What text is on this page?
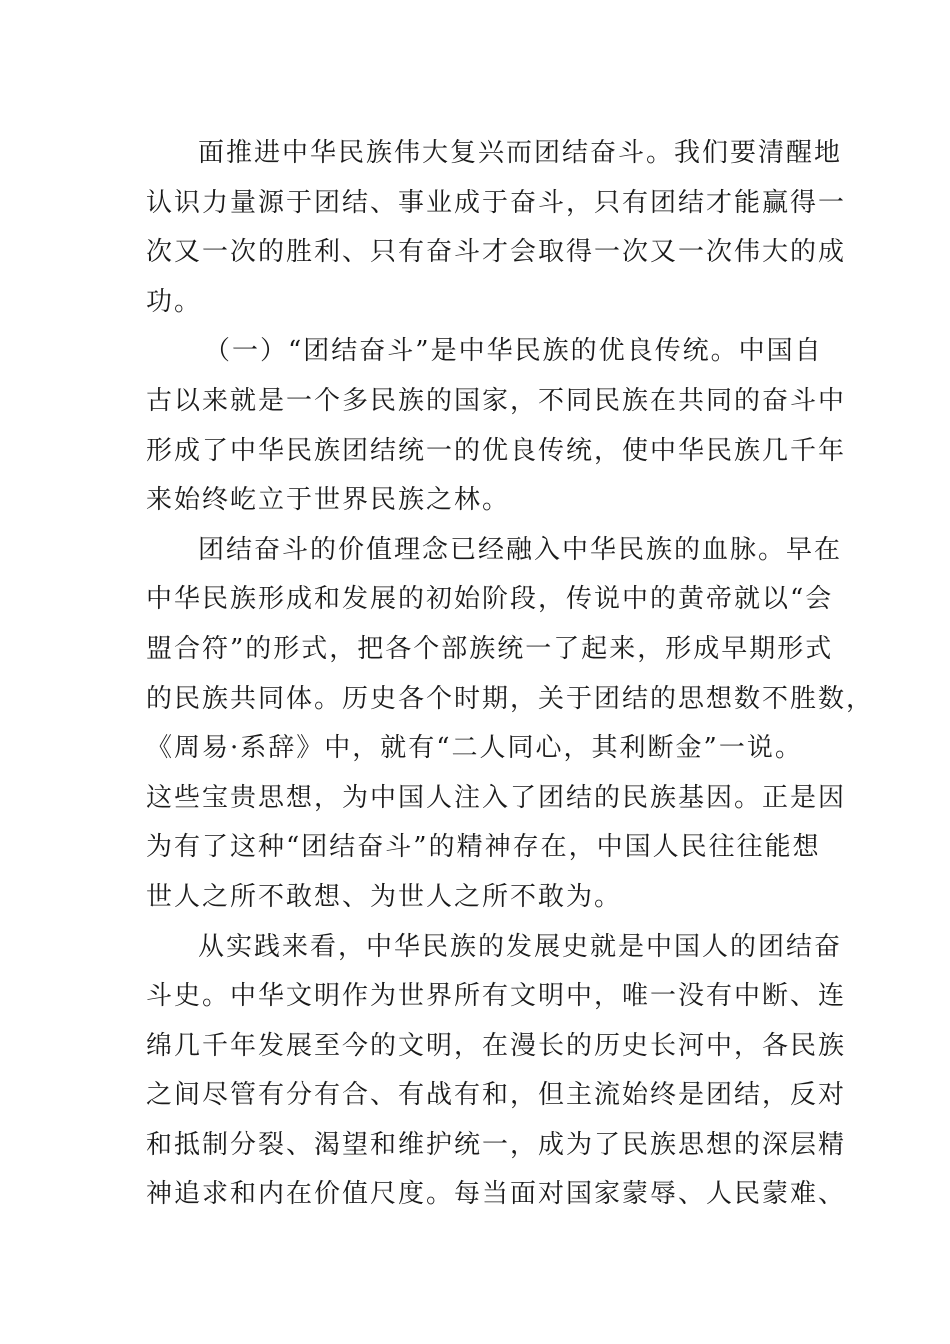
面推进中华民族伟大复兴而团结奋斗。我们要清醒地
认识力量源于团结、事业成于奋斗，只有团结才能赢得一
次又一次的胜利、只有奋斗才会取得一次又一次伟大的成
功。
（一）“团结奋斗”是中华民族的优良传统。中国自
古以来就是一个多民族的国家，不同民族在共同的奋斗中
形成了中华民族团结统一的优良传统，使中华民族几千年
来始终屹立于世界民族之林。
团结奋斗的价值理念已经融入中华民族的血脉。早在
中华民族形成和发展的初始阶段，传说中的黄帝就以“会
盟合符”的形式，把各个部族统一了起来，形成早期形式
的民族共同体。历史各个时期，关于团结的思想数不胜数，
《周易·系辞》中，就有“二人同心，其利断金”一说。
这些宝贵思想，为中国人注入了团结的民族基因。正是因
为有了这种“团结奋斗”的精神存在，中国人民往往能想
世人之所不敢想、为世人之所不敢为。
从实践来看，中华民族的发展史就是中国人的团结奋
斗史。中华文明作为世界所有文明中，唯一没有中断、连
绵几千年发展至今的文明，在漫长的历史长河中，各民族
之间尽管有分有合、有战有和，但主流始终是团结，反对
和抵制分裂、渴望和维护统一，成为了民族思想的深层精
神追求和内在价值尺度。每当面对国家蒙辱、人民蒙难、
